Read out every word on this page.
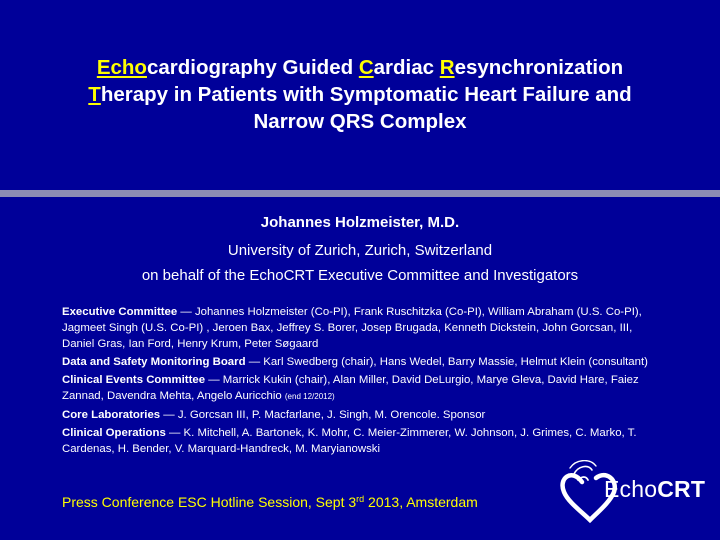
Echocardiography Guided Cardiac Resynchronization
Therapy in Patients with Symptomatic Heart Failure and
Narrow QRS Complex
Johannes Holzmeister, M.D.
University of Zurich, Zurich, Switzerland
on behalf of the EchoCRT Executive Committee and Investigators

Executive Committee — Johannes Holzmeister (Co-PI), Frank Ruschitzka (Co-PI), William Abraham (U.S. Co-PI), Jagmeet Singh (U.S. Co-PI) , Jeroen Bax, Jeffrey S. Borer, Josep Brugada, Kenneth Dickstein, John Gorcsan, III, Daniel Gras, Ian Ford, Henry Krum, Peter Søgaard

Data and Safety Monitoring Board — Karl Swedberg (chair), Hans Wedel, Barry Massie, Helmut Klein (consultant)

Clinical Events Committee — Marrick Kukin (chair), Alan Miller, David DeLurgio, Marye Gleva, David Hare, Faiez Zannad, Davendra Mehta, Angelo Auricchio (end 12/2012)

Core Laboratories — J. Gorcsan III, P. Macfarlane, J. Singh, M. Orencole. Sponsor

Clinical Operations — K. Mitchell, A. Bartonek, K. Mohr, C. Meier-Zimmerer, W. Johnson, J. Grimes, C. Marko, T. Cardenas, H. Bender, V. Marquard-Handreck, M. Maryianowski

Press Conference ESC Hotline Session, Sept 3rd 2013, Amsterdam	EchoCRT
